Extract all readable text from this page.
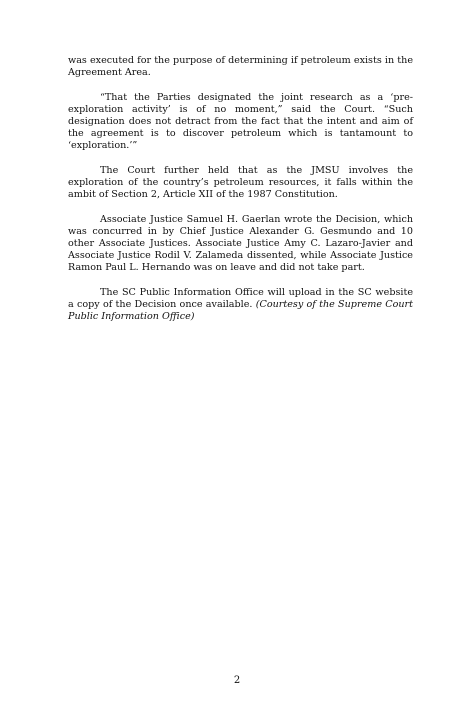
was executed for the purpose of determining if petroleum exists in the Agreement Area.

“That the Parties designated the joint research as a ‘pre-exploration activity’ is of no moment,” said the Court. “Such designation does not detract from the fact that the intent and aim of the agreement is to discover petroleum which is tantamount to ‘exploration.’”

The Court further held that as the JMSU involves the exploration of the country’s petroleum resources, it falls within the ambit of Section 2, Article XII of the 1987 Constitution.

Associate Justice Samuel H. Gaerlan wrote the Decision, which was concurred in by Chief Justice Alexander G. Gesmundo and 10 other Associate Justices. Associate Justice Amy C. Lazaro-Javier and Associate Justice Rodil V. Zalameda dissented, while Associate Justice Ramon Paul L. Hernando was on leave and did not take part.

The SC Public Information Office will upload in the SC website a copy of the Decision once available. (Courtesy of the Supreme Court Public Information Office)

2
